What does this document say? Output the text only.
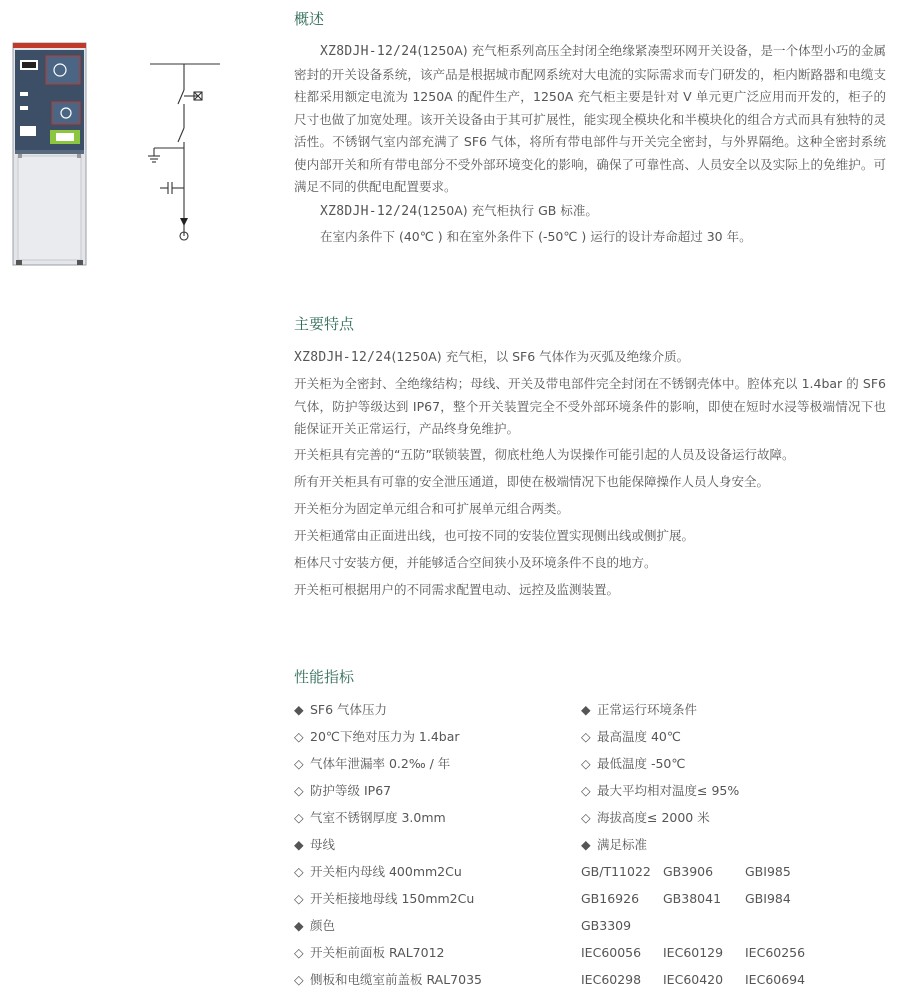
概述

XZ8DJH-12/24(1250A) 充气柜系列高压全封闭全绝缘紧凑型环网开关设备，是一个体型小巧的金属密封的开关设备系统，该产品是根据城市配网系统对大电流的实际需求而专门研发的，柜内断路器和电缆支柱都采用额定电流为 1250A 的配件生产，1250A 充气柜主要是针对 V 单元更广泛应用而开发的，柜子的尺寸也做了加宽处理。该开关设备由于其可扩展性，能实现全模块化和半模块化的组合方式而具有独特的灵活性。不锈钢气室内部充满了 SF6 气体，将所有带电部件与开关完全密封，与外界隔绝。这种全密封系统使内部开关和所有带电部分不受外部环境变化的影响，确保了可靠性高、人员安全以及实际上的免维护。可满足不同的供配电配置要求。

XZ8DJH-12/24(1250A) 充气柜执行 GB 标准。

在室内条件下 (40℃ ) 和在室外条件下 (-50℃ ) 运行的设计寿命超过 30 年。

主要特点

XZ8DJH-12/24(1250A) 充气柜，以 SF6 气体作为灭弧及绝缘介质。

开关柜为全密封、全绝缘结构；母线、开关及带电部件完全封闭在不锈钢壳体中。腔体充以 1.4bar 的 SF6 气体，防护等级达到 IP67，整个开关装置完全不受外部环境条件的影响，即使在短时水浸等极端情况下也能保证开关正常运行，产品终身免维护。

开关柜具有完善的“五防”联锁装置，彻底杜绝人为误操作可能引起的人员及设备运行故障。

所有开关柜具有可靠的安全泄压通道，即使在极端情况下也能保障操作人员人身安全。

开关柜分为固定单元组合和可扩展单元组合两类。

开关柜通常由正面进出线，也可按不同的安装位置实现侧出线或侧扩展。

柜体尺寸安装方便，并能够适合空间狭小及环境条件不良的地方。

开关柜可根据用户的不同需求配置电动、远控及监测装置。

性能指标
◆ SF6 气体压力
◇ 20℃下绝对压力为 1.4bar
◇ 气体年泄漏率 0.2‰ / 年
◇ 防护等级 IP67
◇ 气室不锈钢厚度 3.0mm
◆ 母线
◇ 开关柜内母线 400mm2Cu
◇ 开关柜接地母线 150mm2Cu
◆ 颜色
◇ 开关柜前面板 RAL7012
◇ 侧板和电缆室前盖板 RAL7035
◆ 正常运行环境条件
◇ 最高温度 40℃
◇ 最低温度 -50℃
◇ 最大平均相对温度≤ 95%
◇ 海拔高度≤ 2000 米
◆ 满足标准
GB/T11022 GB3906	GBI985
GB16926 GB38041 GBI984
GB3309
IEC60056 IEC60129 IEC60256
IEC60298 IEC60420 IEC60694
